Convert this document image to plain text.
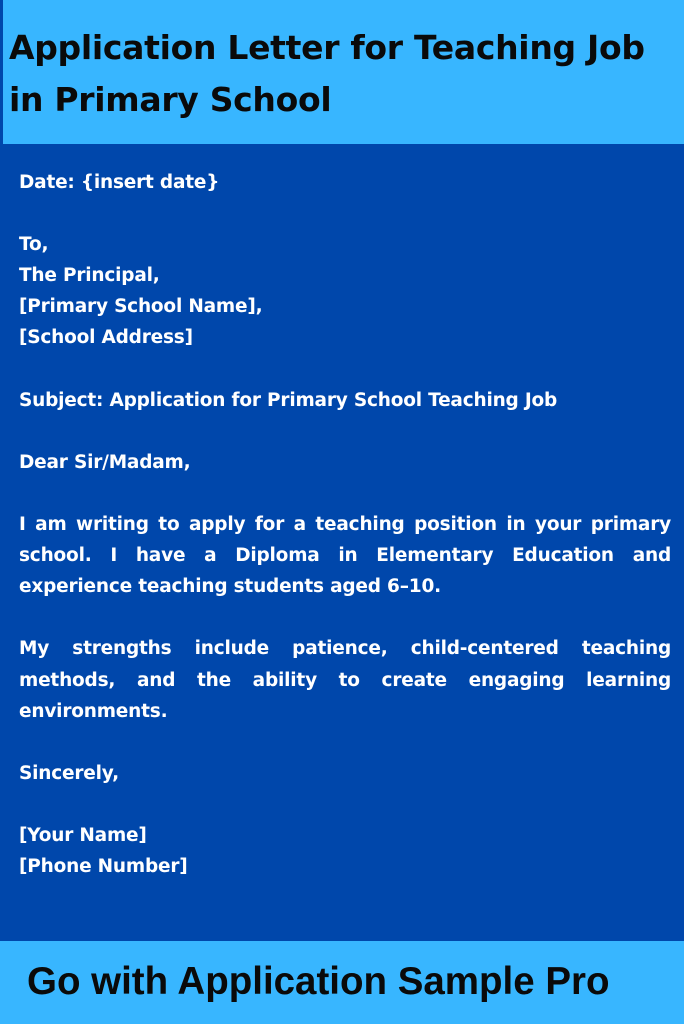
Application Letter for Teaching Job in Primary School
Date: {insert date}
To,
The Principal,
[Primary School Name],
[School Address]
Subject: Application for Primary School Teaching Job
Dear Sir/Madam,
I am writing to apply for a teaching position in your primary school. I have a Diploma in Elementary Education and experience teaching students aged 6–10.
My strengths include patience, child-centered teaching methods, and the ability to create engaging learning environments.
Sincerely,
[Your Name]
[Phone Number]

Go with Application Sample Pro
